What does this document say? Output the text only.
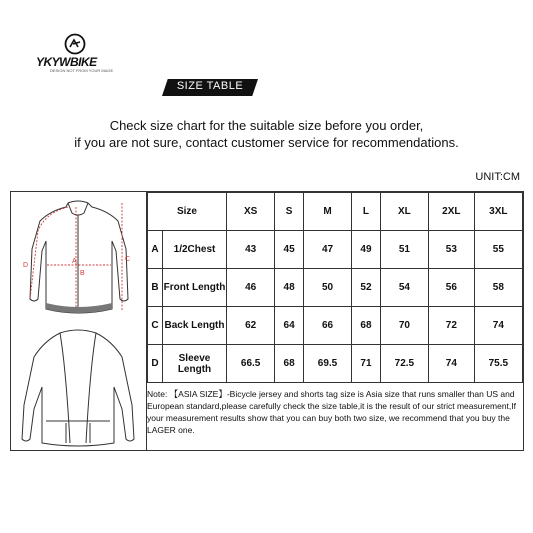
YKYWBIKE
DESIGN NOT FROM YOUR MAGE
SIZE TABLE
Check size chart for the suitable size before you order,
if you are not sure, contact customer service for recommendations.
UNIT:CM
A
B
C
D
Size		XS	S	M	L	XL	2XL	3XL
A	1/2Chest	43	45	47	49	51	53	55
B	Front Length	46	48	50	52	54	56	58
C	Back Length	62	64	66	68	70	72	74
D	Sleeve Length	66.5	68	69.5	71	72.5	74	75.5
Note: 【ASIA SIZE】-Bicycle jersey and shorts tag size is Asia size that runs smaller than US and European standard,please carefully check the size table,it is the result of our strict measurement,If your measurement results show that you can buy both two size, we recommend that you buy the LAGER one.
